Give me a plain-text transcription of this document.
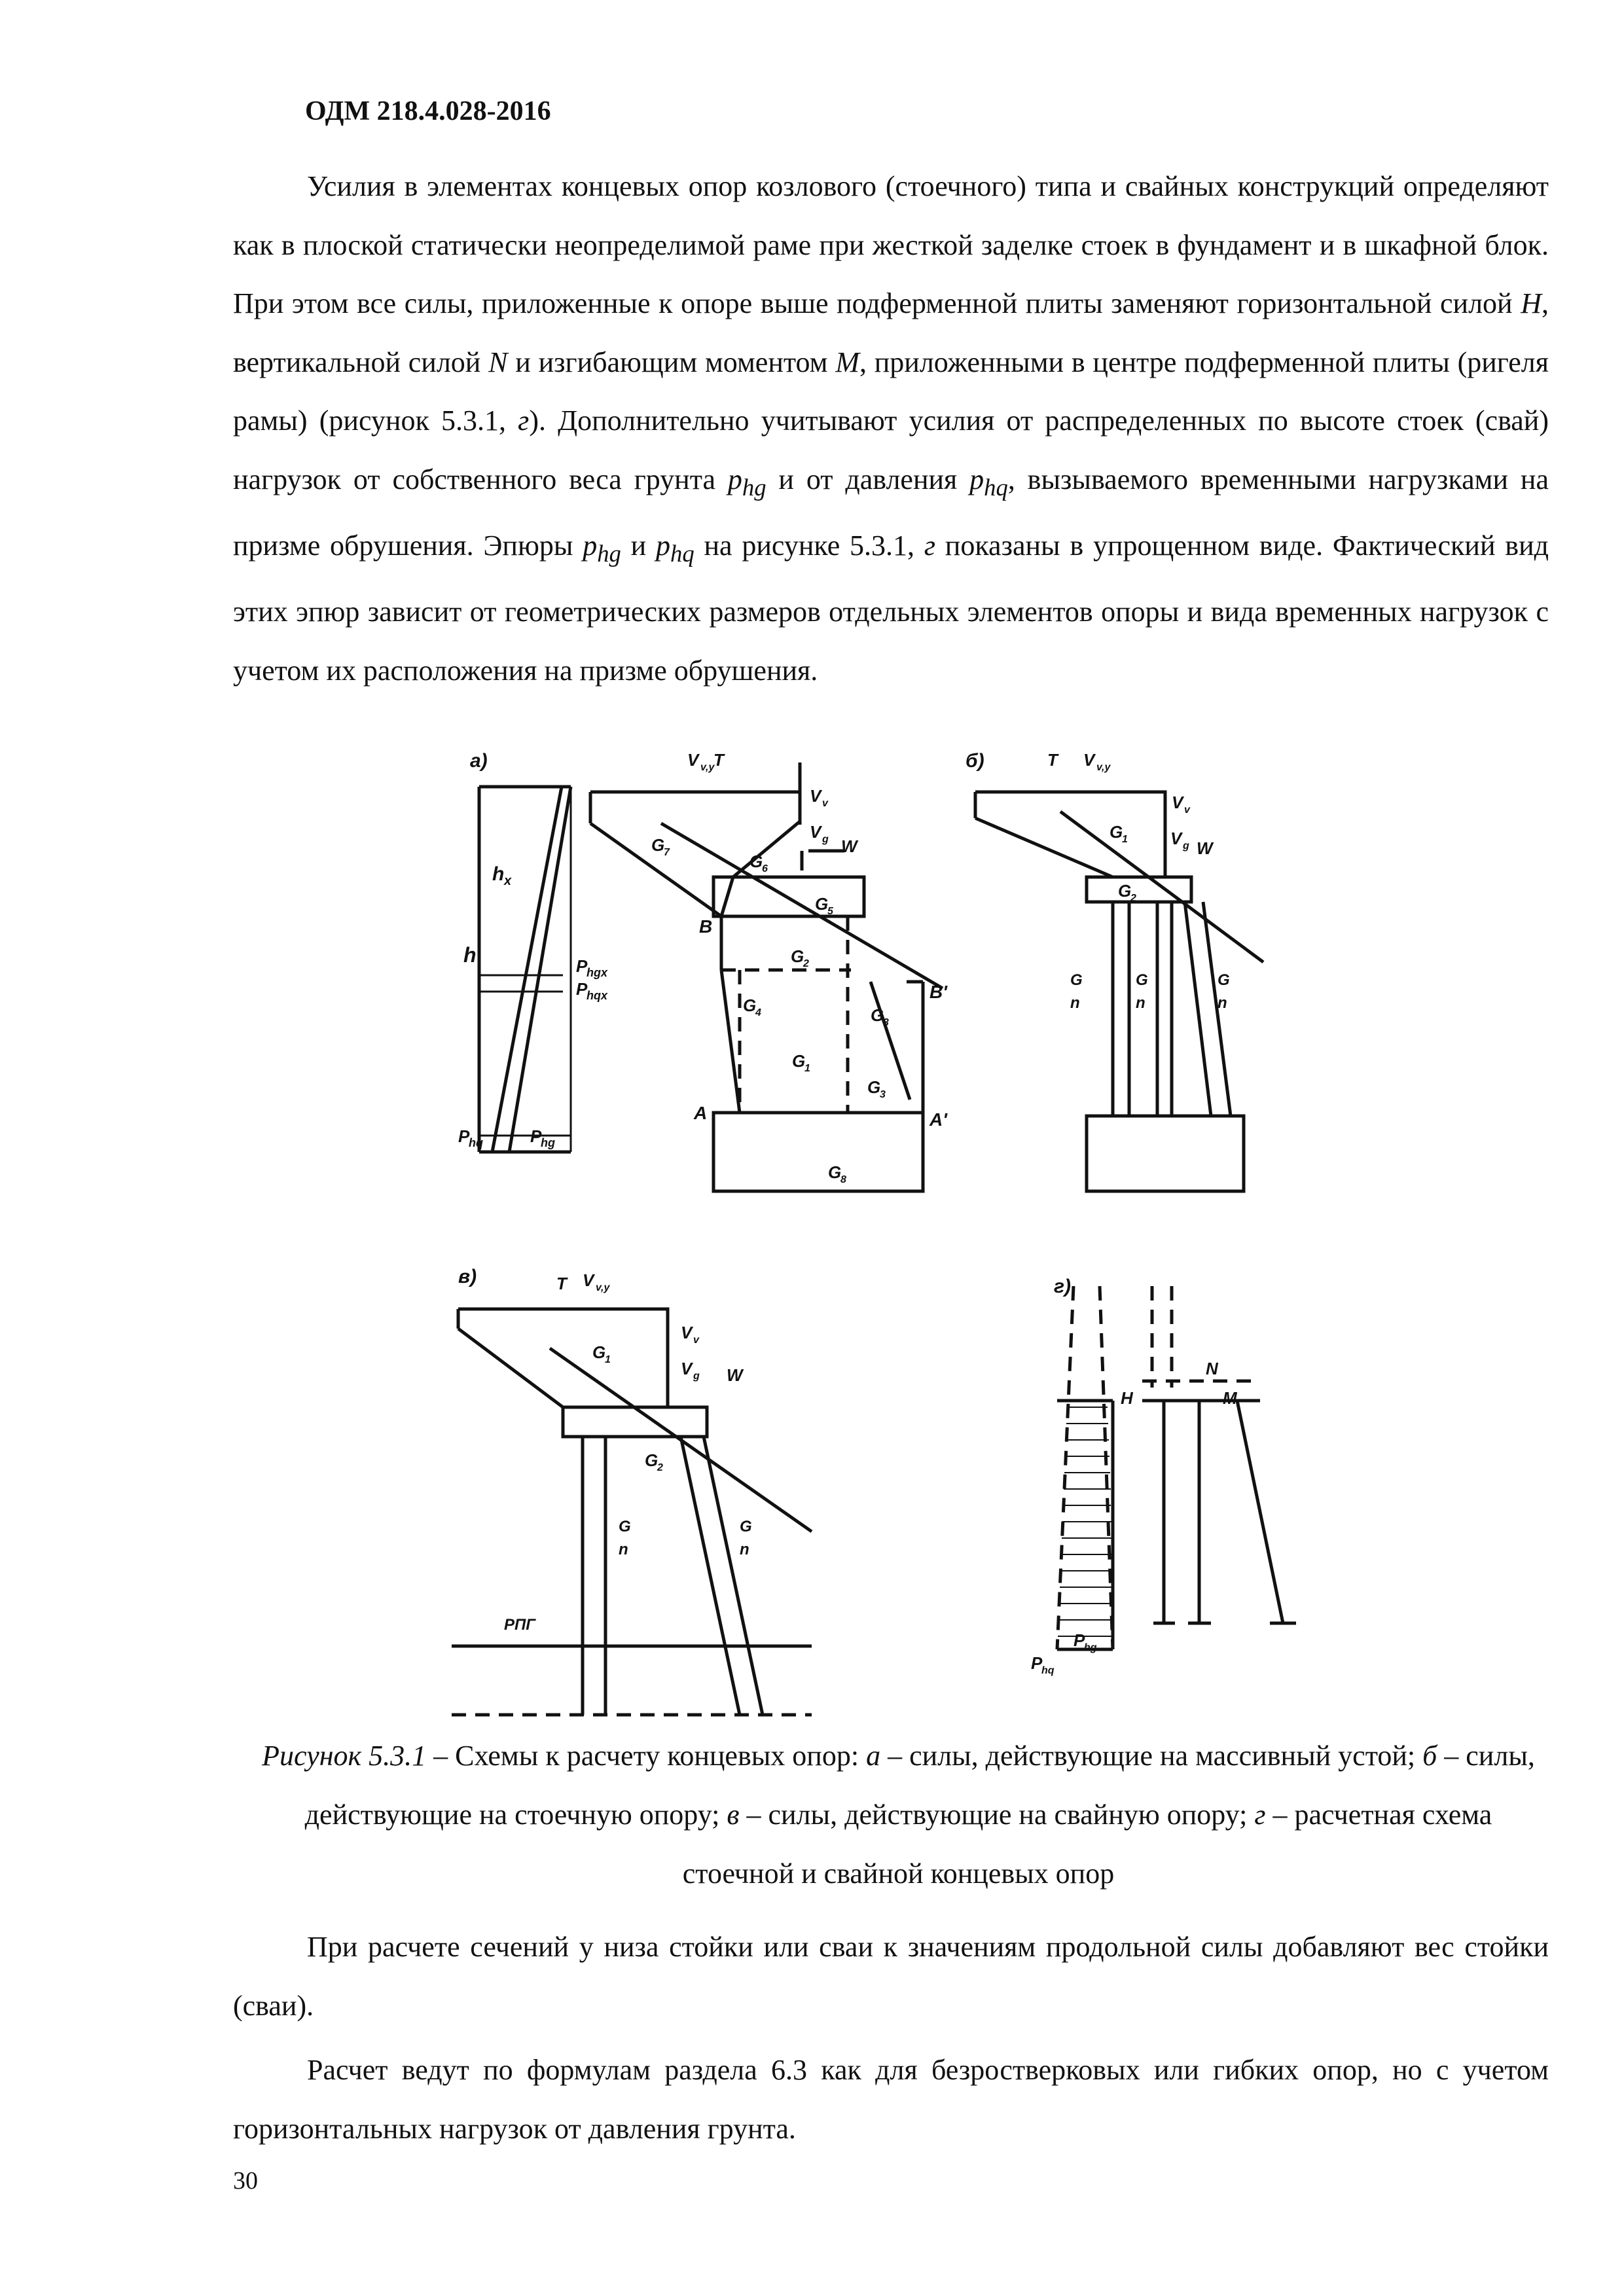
ОДМ 218.4.028-2016

Усилия в элементах концевых опор козлового (стоечного) типа и свайных конструкций определяют как в плоской статически неопределимой раме при жесткой заделке стоек в фундамент и в шкафной блок. При этом все силы, приложенные к опоре выше подферменной плиты заменяют горизонтальной силой H, вертикальной силой N и изгибающим моментом M, приложенными в центре подферменной плиты (ригеля рамы) (рисунок 5.3.1, г). Дополнительно учитывают усилия от распределенных по высоте стоек (свай) нагрузок от собственного веса грунта $p_{hg}$ и от давления $p_{hq}$, вызываемого временными нагрузками на призме обрушения. Эпюры $p_{hg}$ и $p_{hq}$ на рисунке 5.3.1, г показаны в упрощенном виде. Фактический вид этих эпюр зависит от геометрических размеров отдельных элементов опоры и вида временных нагрузок с учетом их расположения на призме обрушения.

а)
h
h x
P
hgx
P
hqx
P
hq	P
hg
V v,y
T
V v
V g W
G
7	G
6
G
5
G
2
G
4
G
1
G
3
G
3
G
8
B
B'
A	A'
б)	T V v,y
V v
V g W
G
1
G
2
G
n
G
n
G
n
в)	T V v,y
V v
V g W
G
1
G
2
G
n
G
n
РПГ
г)
H
N
M
P
hq
P
hg

Рисунок 5.3.1 – Схемы к расчету концевых опор: а – силы, действующие на массивный устой; б – силы, действующие на стоечную опору; в – силы, действующие на свайную опору; г – расчетная схема стоечной и свайной концевых опор

При расчете сечений у низа стойки или сваи к значениям продольной силы добавляют вес стойки (сваи).

Расчет ведут по формулам раздела 6.3 как для безростверковых или гибких опор, но с учетом горизонтальных нагрузок от давления грунта.

30
